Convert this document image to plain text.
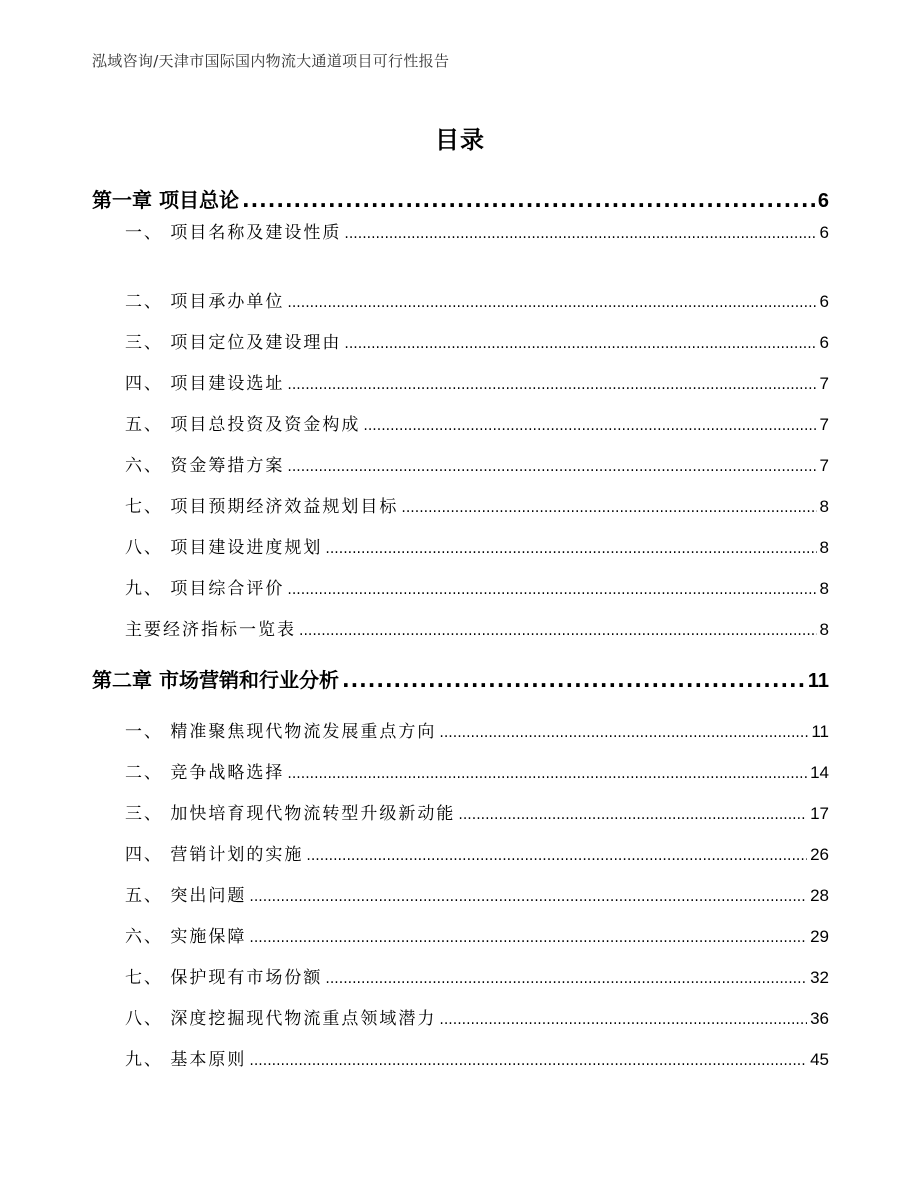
泓域咨询/天津市国际国内物流大通道项目可行性报告
目录
第一章 项目总论 .....	6
一、 项目名称及建设性质 .....	6
二、 项目承办单位 .....	6
三、 项目定位及建设理由 .....	6
四、 项目建设选址 .....	7
五、 项目总投资及资金构成 .....	7
六、 资金筹措方案 .....	7
七、 项目预期经济效益规划目标 .....	8
八、 项目建设进度规划 .....	8
九、 项目综合评价 .....	8
主要经济指标一览表 .....	8
第二章 市场营销和行业分析 .....	11
一、 精准聚焦现代物流发展重点方向 .....	11
二、 竞争战略选择 .....	14
三、 加快培育现代物流转型升级新动能 .....	17
四、 营销计划的实施 .....	26
五、 突出问题 .....	28
六、 实施保障 .....	29
七、 保护现有市场份额 .....	32
八、 深度挖掘现代物流重点领域潜力 .....	36
九、 基本原则 .....	45
